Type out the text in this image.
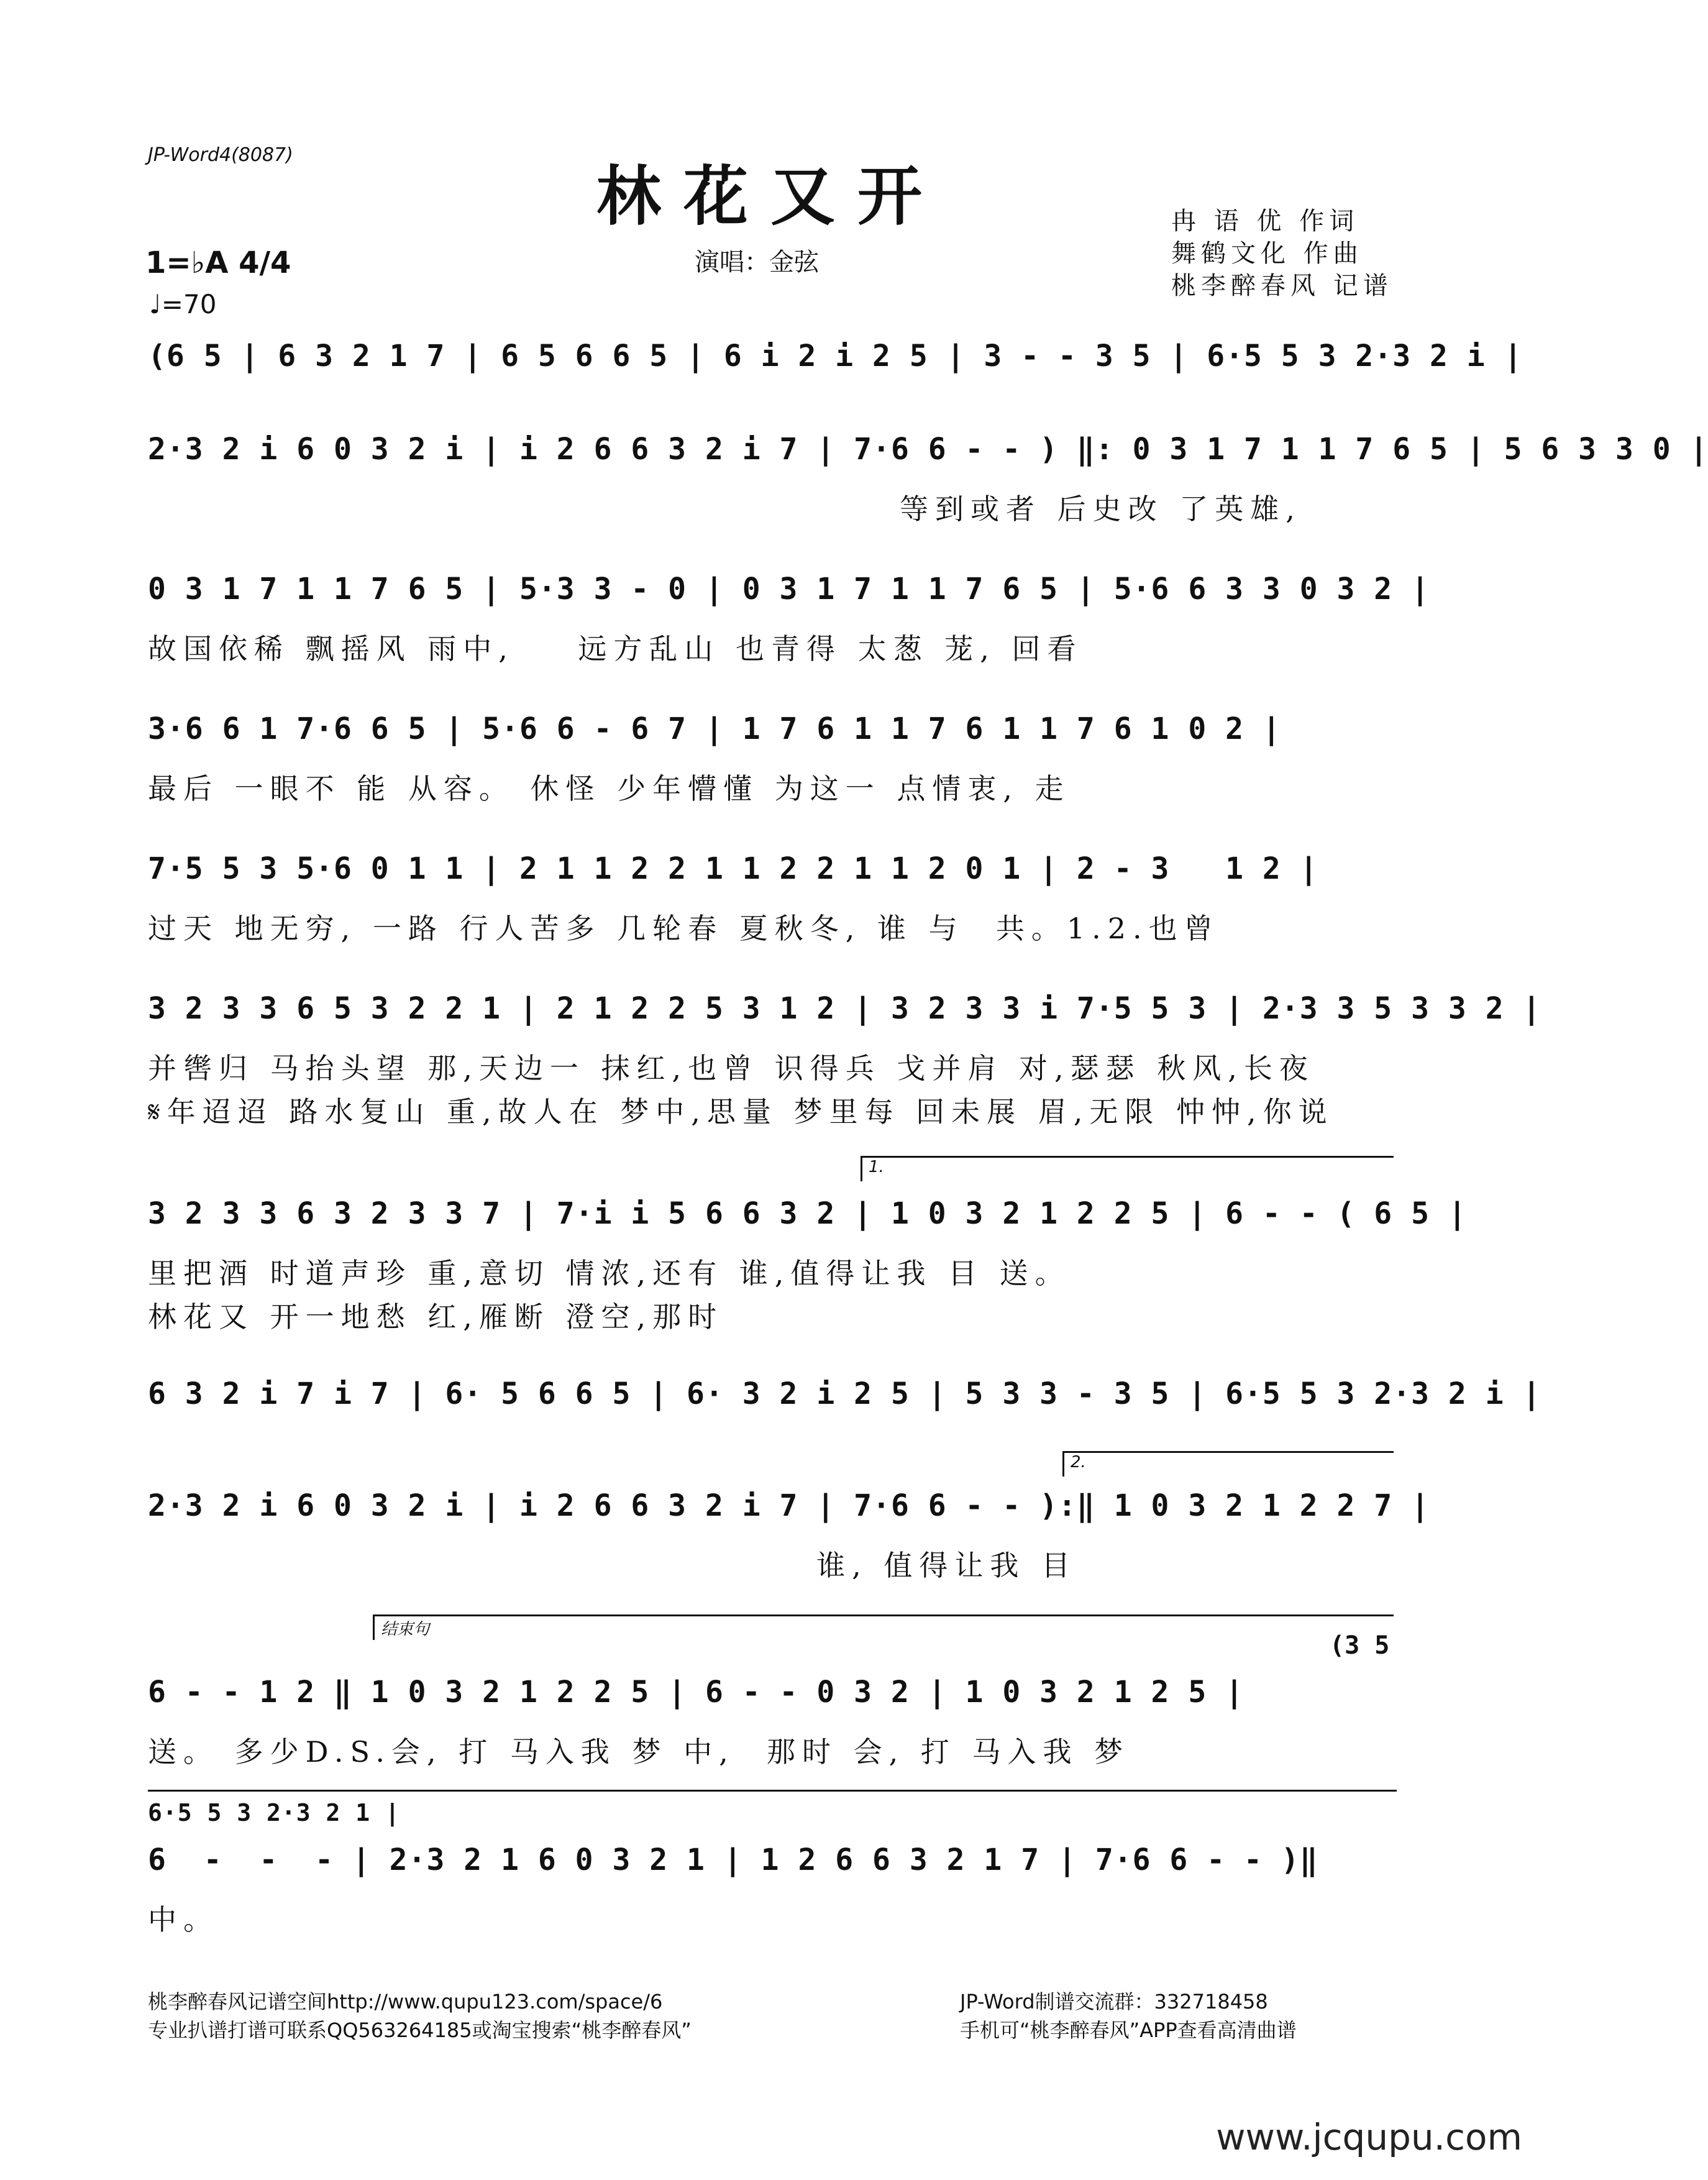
JP-Word4(8087)
林花又开
1=♭A 4/4
♩=70
演唱：金弦
冉 语 优 作词
舞鹤文化 作曲
桃李醉春风 记谱
(6 5 | 6 3 2 1 7 | 6 5 6 6 5 | 6 i 2 i 2 5 | 3 - - 3 5 | 6·5 5 3 2·3 2 i |
2·3 2 i 6 0 3 2 i | i 2 6 6 3 2 i 7 | 7·6 6 - - ) ‖: 0 3 1 7 1 1 7 6 5 | 5 6 3 3 0 |
等到或者 后史改 了英雄,
0 3 1 7 1 1 7 6 5 | 5·3 3 - 0 | 0 3 1 7 1 1 7 6 5 | 5·6 6 3 3 0 3 2 |
故国依稀 飘摇风 雨中,    远方乱山 也青得 太葱 茏, 回看
3·6 6 1 7·6 6 5 | 5·6 6 - 6 7 | 1 7 6 1 1 7 6 1 1 7 6 1 0 2 |
最后 一眼不 能 从容。 休怪 少年懵懂 为这一 点情衷, 走
7·5 5 3 5·6 0 1 1 | 2 1 1 2 2 1 1 2 2 1 1 2 0 1 | 2 - 3   1 2 |
过天 地无穷, 一路 行人苦多 几轮春 夏秋冬, 谁 与  共。1.2.也曾
3 2 3 3 6 5 3 2 2 1 | 2 1 2 2 5 3 1 2 | 3 2 3 3 i 7·5 5 3 | 2·3 3 5 3 3 2 |
并辔归 马抬头望 那,天边一 抹红,也曾 识得兵 戈并肩 对,瑟瑟 秋风,长夜
𝄋年迢迢 路水复山 重,故人在 梦中,思量 梦里每 回未展 眉,无限 忡忡,你说
1.
3 2 3 3 6 3 2 3 3 7 | 7·i i 5 6 6 3 2 | 1 0 3 2 1 2 2 5 | 6 - - ( 6 5 |
里把酒 时道声珍 重,意切 情浓,还有 谁,值得让我 目 送。
林花又 开一地愁 红,雁断 澄空,那时
6 3 2 i 7 i 7 | 6· 5 6 6 5 | 6· 3 2 i 2 5 | 5 3 3 - 3 5 | 6·5 5 3 2·3 2 i |
2.
2·3 2 i 6 0 3 2 i | i 2 6 6 3 2 i 7 | 7·6 6 - - ):‖ 1 0 3 2 1 2 2 7 |
谁, 值得让我 目
结束句
(3 5
6 - - 1 2 ‖ 1 0 3 2 1 2 2 5 | 6 - - 0 3 2 | 1 0 3 2 1 2 5 |
送。 多少D.S.会, 打 马入我 梦 中,  那时 会, 打 马入我 梦
6·5 5 3 2·3 2 1 |
6  -  -  - | 2·3 2 1 6 0 3 2 1 | 1 2 6 6 3 2 1 7 | 7·6 6 - - )‖
中。
桃李醉春风记谱空间http://www.qupu123.com/space/6
专业扒谱打谱可联系QQ563264185或淘宝搜索“桃李醉春风”
JP-Word制谱交流群：332718458
手机可“桃李醉春风”APP查看高清曲谱
www.jcqupu.com
